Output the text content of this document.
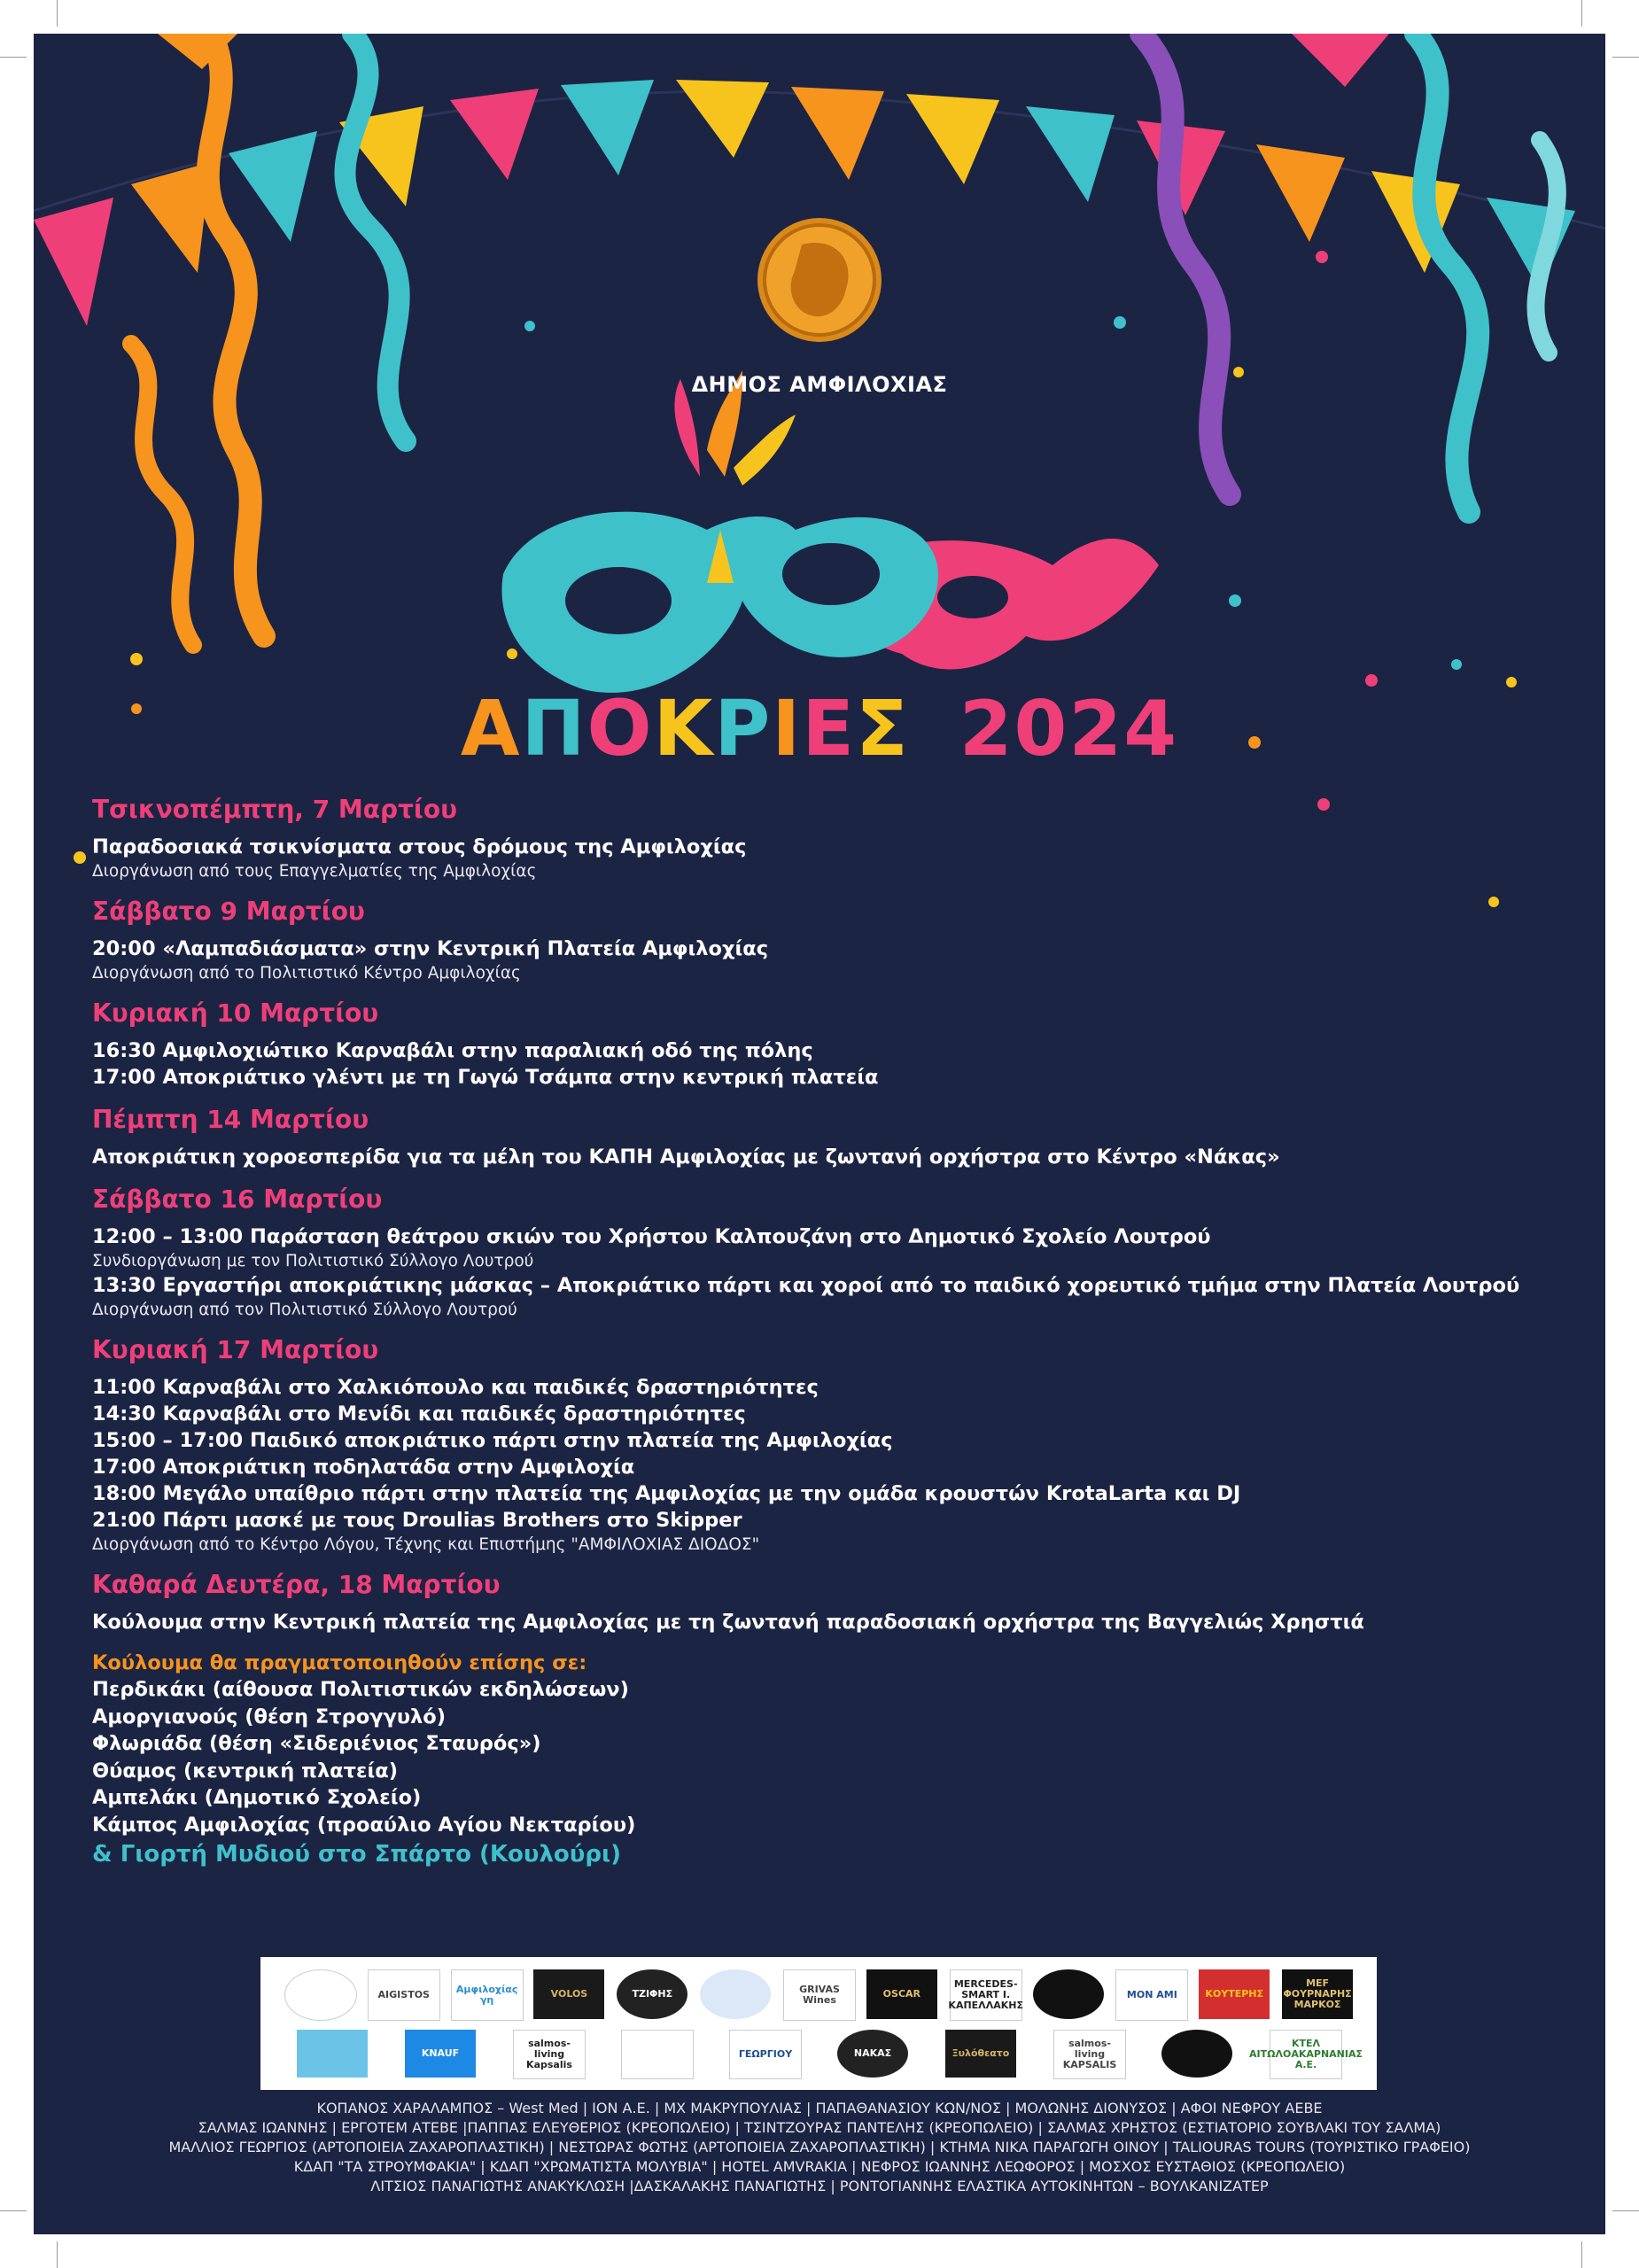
ΔΗΜΟΣ ΑΜΦΙΛΟΧΙΑΣ
ΑΠΟΚΡΙΕΣ 2024
Τσικνοπέμπτη, 7 Μαρτίου
Παραδοσιακά τσικνίσματα στους δρόμους της Αμφιλοχίας
Διοργάνωση από τους Επαγγελματίες της Αμφιλοχίας
Σάββατο 9 Μαρτίου
20:00 «Λαμπαδιάσματα» στην Κεντρική Πλατεία Αμφιλοχίας
Διοργάνωση από το Πολιτιστικό Κέντρο Αμφιλοχίας
Κυριακή 10 Μαρτίου
16:30 Αμφιλοχιώτικο Καρναβάλι στην παραλιακή οδό της πόλης
17:00 Αποκριάτικο γλέντι με τη Γωγώ Τσάμπα στην κεντρική πλατεία
Πέμπτη 14 Μαρτίου
Αποκριάτικη χοροεσπερίδα για τα μέλη του ΚΑΠΗ Αμφιλοχίας με ζωντανή ορχήστρα στο Κέντρο «Νάκας»
Σάββατο 16 Μαρτίου
12:00 – 13:00 Παράσταση θεάτρου σκιών του Χρήστου Καλπουζάνη στο Δημοτικό Σχολείο Λουτρού
Συνδιοργάνωση με τον Πολιτιστικό Σύλλογο Λουτρού
13:30 Εργαστήρι αποκριάτικης μάσκας – Αποκριάτικο πάρτι και χοροί από το παιδικό χορευτικό τμήμα στην Πλατεία Λουτρού
Διοργάνωση από τον Πολιτιστικό Σύλλογο Λουτρού
Κυριακή 17 Μαρτίου
11:00 Καρναβάλι στο Χαλκιόπουλο και παιδικές δραστηριότητες
14:30 Καρναβάλι στο Μενίδι και παιδικές δραστηριότητες
15:00 – 17:00 Παιδικό αποκριάτικο πάρτι στην πλατεία της Αμφιλοχίας
17:00 Αποκριάτικη ποδηλατάδα στην Αμφιλοχία
18:00 Μεγάλο υπαίθριο πάρτι στην πλατεία της Αμφιλοχίας με την ομάδα κρουστών KrotaLarta και DJ
21:00 Πάρτι μασκέ με τους Droulias Brothers στο Skipper
Διοργάνωση από το Κέντρο Λόγου, Τέχνης και Επιστήμης "ΑΜΦΙΛΟΧΙΑΣ ΔΙΟΔΟΣ"
Καθαρά Δευτέρα, 18 Μαρτίου
Κούλουμα στην Κεντρική πλατεία της Αμφιλοχίας με τη ζωντανή παραδοσιακή ορχήστρα της Βαγγελιώς Χρηστιά
Κούλουμα θα πραγματοποιηθούν επίσης σε:
Περδικάκι (αίθουσα Πολιτιστικών εκδηλώσεων)
Αμοργιανούς (θέση Στρογγυλό)
Φλωριάδα (θέση «Σιδεριένιος Σταυρός»)
Θύαμος (κεντρική πλατεία)
Αμπελάκι (Δημοτικό Σχολείο)
Κάμπος Αμφιλοχίας (προαύλιο Αγίου Νεκταρίου)
& Γιορτή Μυδιού στο Σπάρτο (Κουλούρι)
AIGISTOS	Αμφιλοχίας γη
VOLOS	ΤΖΙΦΗΣ	GRIVAS Wines
OSCAR
MERCEDES-SMART Ι. ΚΑΠΕΛΛΑΚΗΣ
MON AMI	ΚΟΥΤΕΡΗΣ
MEF ΦΟΥΡΝΑΡΗΣ ΜΑΡΚΟΣ
KNAUF
salmos-living Kapsalis
ΓΕΩΡΓΙΟΥ	ΝΑΚΑΣ	Ξυλόθεατο
salmos-living KAPSALIS
ΚΤΕΛ ΑΙΤΩΛΟΑΚΑΡΝΑΝΙΑΣ Α.Ε.
ΚΟΠΑΝΟΣ ΧΑΡΑΛΑΜΠΟΣ – West Med | ΙΟΝ Α.Ε. | ΜΧ ΜΑΚΡΥΠΟΥΛΙΑΣ | ΠΑΠΑΘΑΝΑΣΙΟΥ ΚΩΝ/ΝΟΣ | ΜΟΛΩΝΗΣ ΔΙΟΝΥΣΟΣ | ΑΦΟΙ ΝΕΦΡΟΥ ΑΕΒΕ
ΣΑΛΜΑΣ ΙΩΑΝΝΗΣ | ΕΡΓΟΤΕΜ ΑΤΕΒΕ |ΠΑΠΠΑΣ ΕΛΕΥΘΕΡΙΟΣ (ΚΡΕΟΠΩΛΕΙΟ) | ΤΣΙΝΤΖΟΥΡΑΣ ΠΑΝΤΕΛΗΣ (ΚΡΕΟΠΩΛΕΙΟ) | ΣΑΛΜΑΣ ΧΡΗΣΤΟΣ (ΕΣΤΙΑΤΟΡΙΟ ΣΟΥΒΛΑΚΙ ΤΟΥ ΣΑΛΜΑ)
ΜΑΛΛΙΟΣ ΓΕΩΡΓΙΟΣ (ΑΡΤΟΠΟΙΕΙΑ ΖΑΧΑΡΟΠΛΑΣΤΙΚΗ) | ΝΕΣΤΩΡΑΣ ΦΩΤΗΣ (ΑΡΤΟΠΟΙΕΙΑ ΖΑΧΑΡΟΠΛΑΣΤΙΚΗ) | ΚΤΗΜΑ ΝΙΚΑ ΠΑΡΑΓΩΓΗ ΟΙΝΟΥ | TALIOURAS TOURS (ΤΟΥΡΙΣΤΙΚΟ ΓΡΑΦΕΙΟ)
ΚΔΑΠ "ΤΑ ΣΤΡΟΥΜΦΑΚΙΑ" | ΚΔΑΠ "ΧΡΩΜΑΤΙΣΤΑ ΜΟΛΥΒΙΑ" | HOTEL AMVRAKIA | ΝΕΦΡΟΣ ΙΩΑΝΝΗΣ ΛΕΩΦΟΡΟΣ | ΜΟΣΧΟΣ ΕΥΣΤΑΘΙΟΣ (ΚΡΕΟΠΩΛΕΙΟ)
ΛΙΤΣΙΟΣ ΠΑΝΑΓΙΩΤΗΣ ΑΝΑΚΥΚΛΩΣΗ |ΔΑΣΚΑΛΑΚΗΣ ΠΑΝΑΓΙΩΤΗΣ | ΡΟΝΤΟΓΙΑΝΝΗΣ ΕΛΑΣΤΙΚΑ ΑΥΤΟΚΙΝΗΤΩΝ – ΒΟΥΛΚΑΝΙΖΑΤΕΡ
